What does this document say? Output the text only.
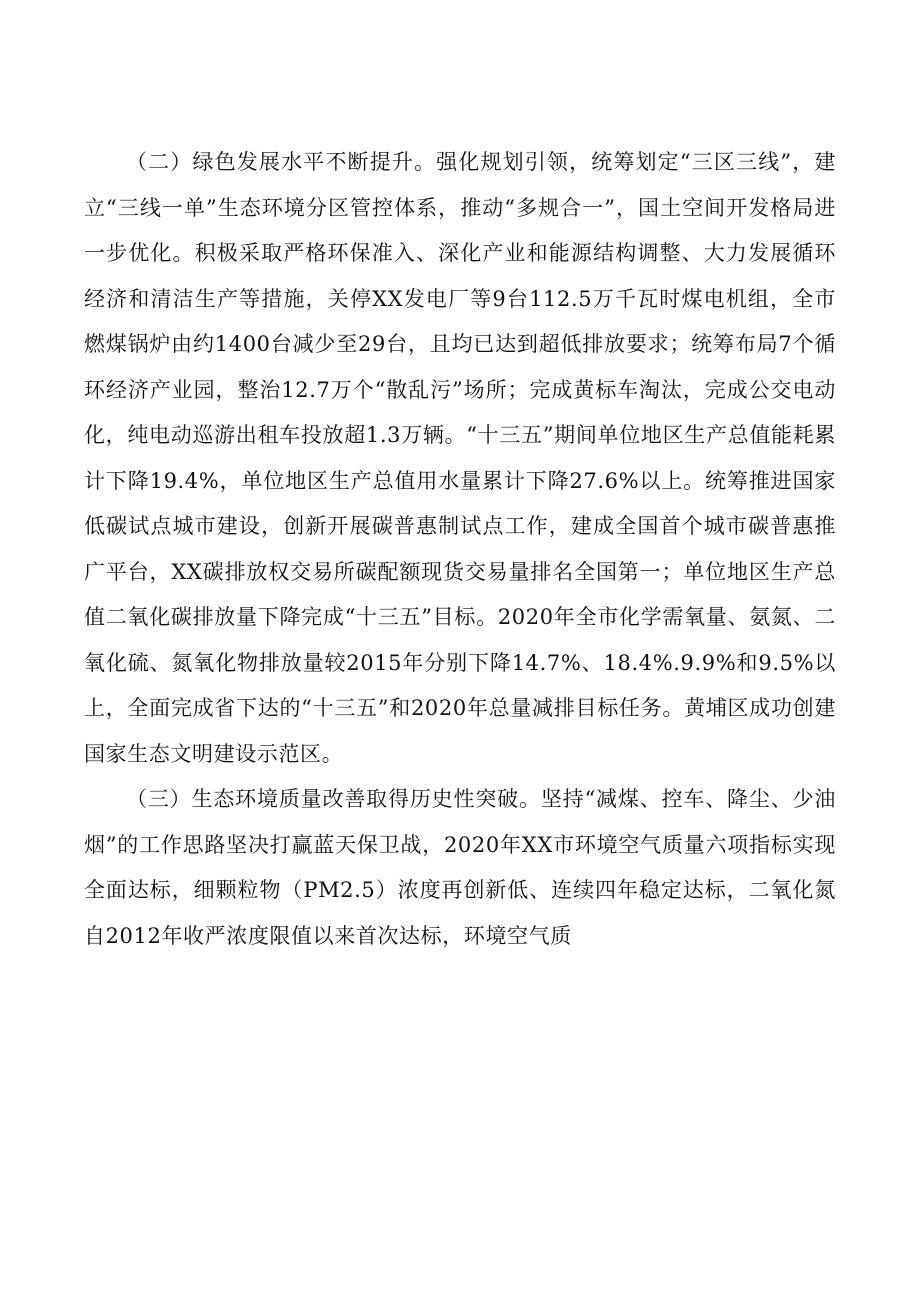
（二）绿色发展水平不断提升。强化规划引领，统筹划定“三区三线”，建立“三线一单”生态环境分区管控体系，推动“多规合一”，国土空间开发格局进一步优化。积极采取严格环保准入、深化产业和能源结构调整、大力发展循环经济和清洁生产等措施，关停XX发电厂等9台112.5万千瓦时煤电机组，全市燃煤锅炉由约1400台减少至29台，且均已达到超低排放要求；统筹布局7个循环经济产业园，整治12.7万个“散乱污”场所；完成黄标车淘汰，完成公交电动化，纯电动巡游出租车投放超1.3万辆。“十三五”期间单位地区生产总值能耗累计下降19.4%，单位地区生产总值用水量累计下降27.6%以上。统筹推进国家低碳试点城市建设，创新开展碳普惠制试点工作，建成全国首个城市碳普惠推广平台，XX碳排放权交易所碳配额现货交易量排名全国第一；单位地区生产总值二氧化碳排放量下降完成“十三五”目标。2020年全市化学需氧量、氨氮、二氧化硫、氮氧化物排放量较2015年分别下降14.7%、18.4%.9.9%和9.5%以上，全面完成省下达的“十三五”和2020年总量减排目标任务。黄埔区成功创建国家生态文明建设示范区。

（三）生态环境质量改善取得历史性突破。坚持“减煤、控车、降尘、少油烟”的工作思路坚决打赢蓝天保卫战，2020年XX市环境空气质量六项指标实现全面达标，细颗粒物（PM2.5）浓度再创新低、连续四年稳定达标，二氧化氮自2012年收严浓度限值以来首次达标，环境空气质
